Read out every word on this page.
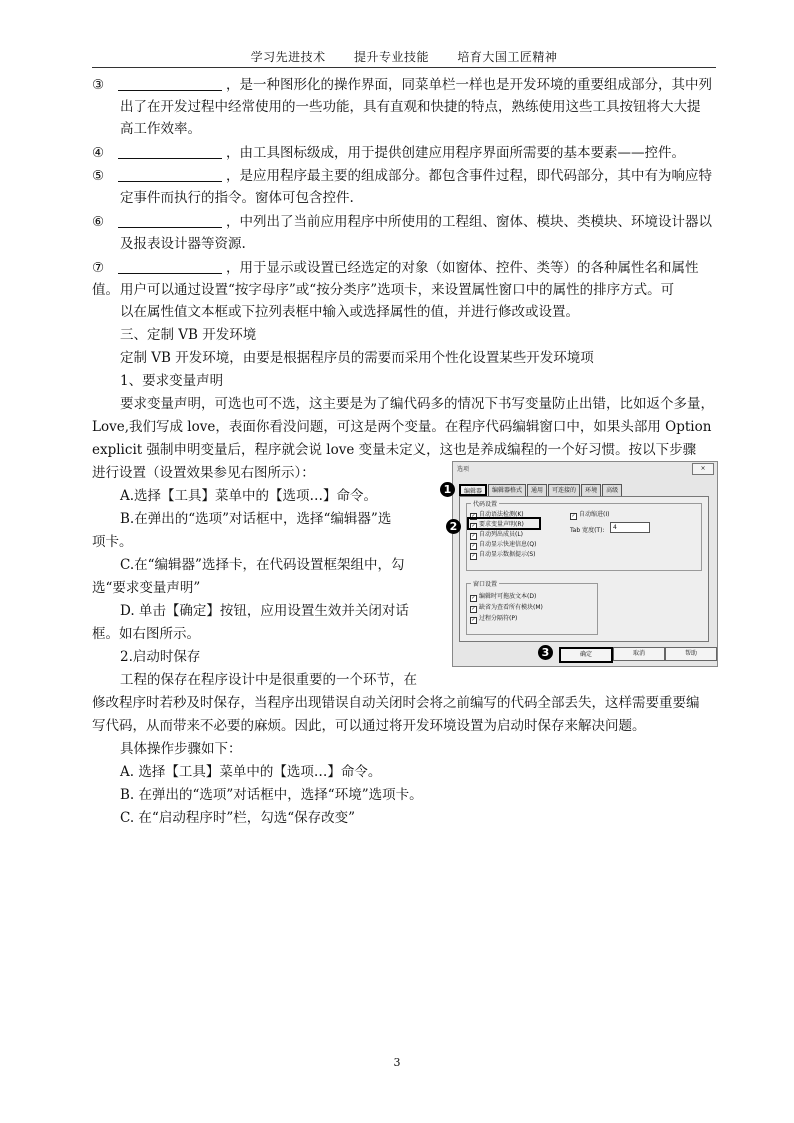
学习先进技术 提升专业技能 培育大国工匠精神

③	，是一种图形化的操作界面，同菜单栏一样也是开发环境的重要组成部分，其中列

出了在开发过程中经常使用的一些功能，具有直观和快捷的特点，熟练使用这些工具按钮将大大提

高工作效率。

④	，由工具图标级成，用于提供创建应用程序界面所需要的基本要素——控件。

⑤	，是应用程序最主要的组成部分。都包含事件过程，即代码部分，其中有为响应特

定事件而执行的指令。窗体可包含控件.

⑥	，中列出了当前应用程序中所使用的工程组、窗体、模块、类模块、环境设计器以

及报表设计器等资源.

⑦	，用于显示或设置已经选定的对象（如窗体、控件、类等）的各种属性名和属性值。 用户可以通过设置“按字母序”或“按分类序”选项卡，来设置属性窗口中的属性的排序方式。可

以在属性值文本框或下拉列表框中输入或选择属性的值，并进行修改或设置。

三、定制 VB 开发环境

定制 VB 开发环境，由要是根据程序员的需要而采用个性化设置某些开发环境项

1、要求变量声明

要求变量声明，可选也可不选，这主要是为了编代码多的情况下书写变量防止出错，比如返个多量，

Love,我们写成 love，表面你看没问题，可这是两个变量。在程序代码编辑窗口中，如果头部用 Option

explicit 强制申明变量后，程序就会说 love 变量未定义，这也是养成编程的一个好习惯。按以下步骤

进行设置（设置效果参见右图所示）：

A.选择【工具】菜单中的【选项…】命令。

B.在弹出的“选项”对话框中，选择“编辑器”选

项卡。

C.在“编辑器”选择卡，在代码设置框架组中，勾

选“要求变量声明”

D. 单击【确定】按钮，应用设置生效并关闭对话

框。如右图所示。

2.启动时保存

工程的保存在程序设计中是很重要的一个环节，在

修改程序时若秒及时保存，当程序出现错误自动关闭时会将之前编写的代码全部丢失，这样需要重要编

写代码，从而带来不必要的麻烦。因此，可以通过将开发环境设置为启动时保存来解决问题。

具体操作步骤如下：

A. 选择【工具】菜单中的【选项…】命令。

B. 在弹出的“选项”对话框中，选择“环境”选项卡。

C. 在“启动程序时”栏，勾选“保存改变”

选项	×
编辑器	编辑器格式	通用	可连接的	环境	高级
代码设置
✓ 自动语法检测(K)
✓ 要求变量声明(R)
✓ 自动列出成员(L)
✓ 自动显示快速信息(Q)
✓ 自动显示数据提示(S)
✓ 自动缩进(I)
Tab 宽度(T):	4
窗口设置
✓ 编辑时可拖放文本(D)
✓ 缺省为查看所有模块(M)
✓ 过程分隔符(P)
确定	取消	帮助
1
2
3
3
